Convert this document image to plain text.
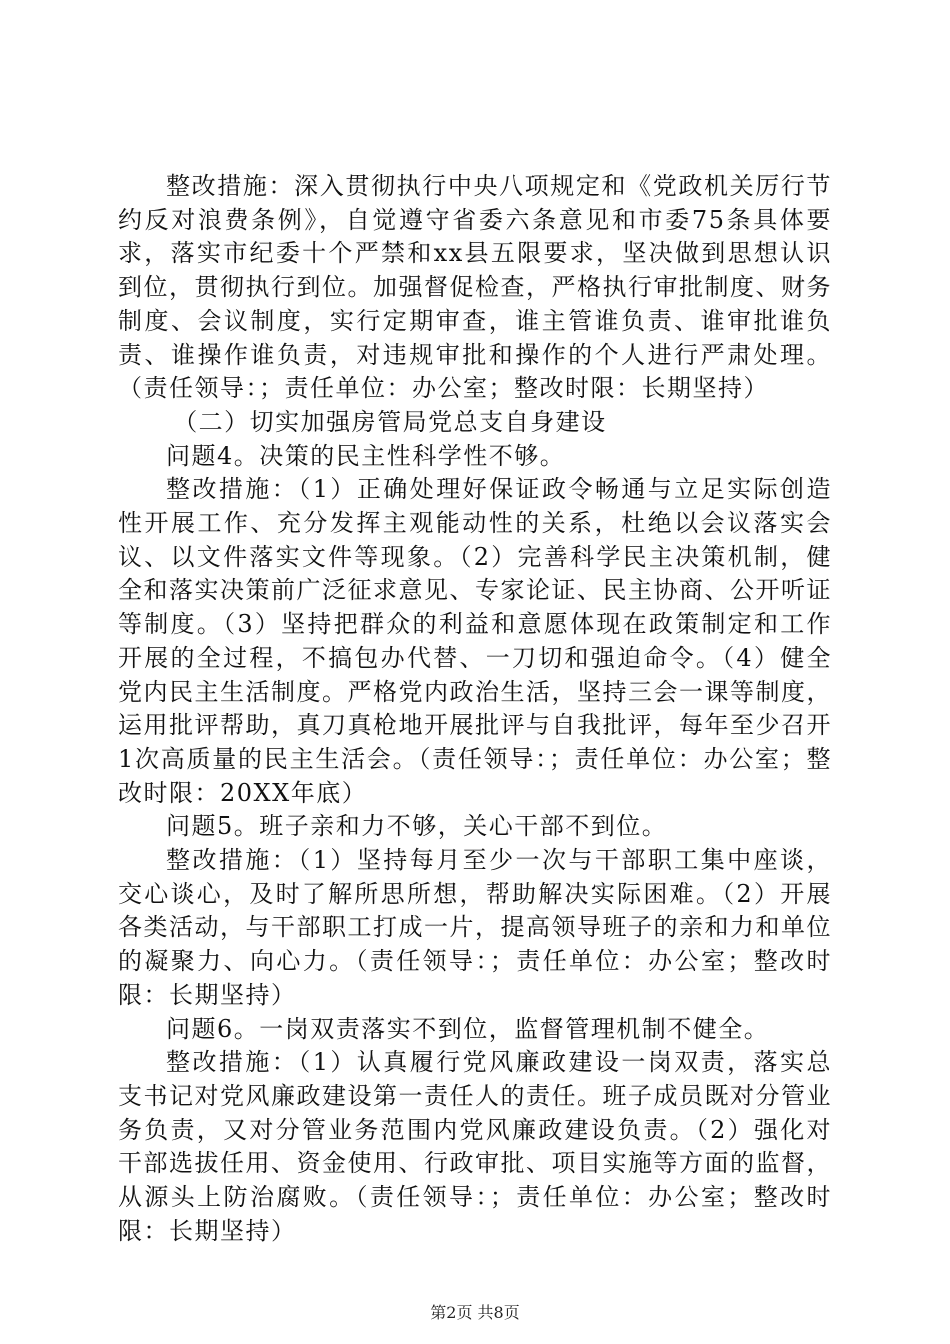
整改措施：深入贯彻执行中央八项规定和《党政机关厉行节约反对浪费条例》，自觉遵守省委六条意见和市委75条具体要求，落实市纪委十个严禁和xx县五限要求，坚决做到思想认识到位，贯彻执行到位。加强督促检查，严格执行审批制度、财务制度、会议制度，实行定期审查，谁主管谁负责、谁审批谁负责、谁操作谁负责，对违规审批和操作的个人进行严肃处理。（责任领导：；责任单位：办公室；整改时限：长期坚持）

（二）切实加强房管局党总支自身建设

问题4。决策的民主性科学性不够。

整改措施：（1）正确处理好保证政令畅通与立足实际创造性开展工作、充分发挥主观能动性的关系，杜绝以会议落实会议、以文件落实文件等现象。（2）完善科学民主决策机制，健全和落实决策前广泛征求意见、专家论证、民主协商、公开听证等制度。（3）坚持把群众的利益和意愿体现在政策制定和工作开展的全过程，不搞包办代替、一刀切和强迫命令。（4）健全党内民主生活制度。严格党内政治生活，坚持三会一课等制度，运用批评帮助，真刀真枪地开展批评与自我批评，每年至少召开1次高质量的民主生活会。（责任领导：；责任单位：办公室；整改时限：20XX年底）

问题5。班子亲和力不够，关心干部不到位。

整改措施：（1）坚持每月至少一次与干部职工集中座谈，交心谈心，及时了解所思所想，帮助解决实际困难。（2）开展各类活动，与干部职工打成一片，提高领导班子的亲和力和单位的凝聚力、向心力。（责任领导：；责任单位：办公室；整改时限：长期坚持）

问题6。一岗双责落实不到位，监督管理机制不健全。

整改措施：（1）认真履行党风廉政建设一岗双责，落实总支书记对党风廉政建设第一责任人的责任。班子成员既对分管业务负责，又对分管业务范围内党风廉政建设负责。（2）强化对干部选拔任用、资金使用、行政审批、项目实施等方面的监督，从源头上防治腐败。（责任领导：；责任单位：办公室；整改时限：长期坚持）

第2页 共8页
